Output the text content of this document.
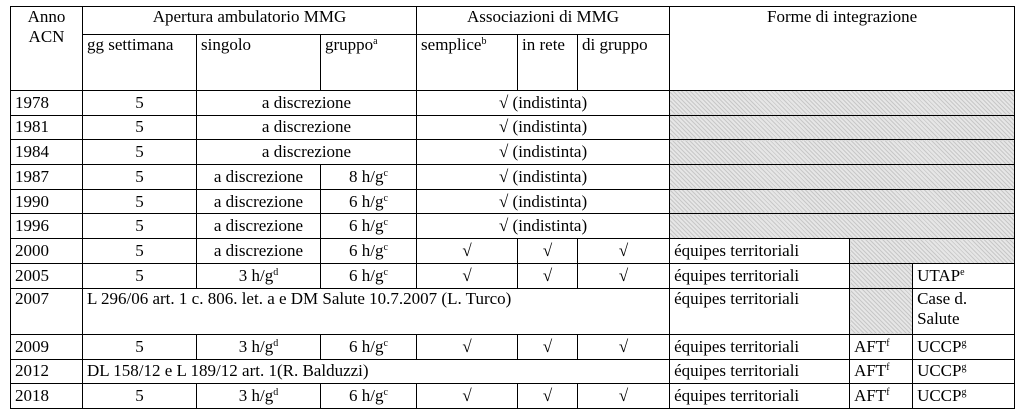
Anno ACN	Apertura ambulatorio MMG			Associazioni di MMG			Forme di integrazione		
	gg settimana	singolo	gruppo$^a$	semplice$^b$	in rete	di gruppo			
1978	5	a discrezione		√ (indistinta)					
1981	5	a discrezione		√ (indistinta)					
1984	5	a discrezione		√ (indistinta)					
1987	5	a discrezione	8 $h/g^c$	√ (indistinta)					
1990	5	a discrezione	6 $h/g^c$	√ (indistinta)					
1996	5	a discrezione	6 $h/g^c$	√ (indistinta)					
2000	5	a discrezione	6 $h/g^c$	√	√	√	équipes territoriali		
2005	5	3 $h/g^d$	6 $h/g^c$	√	√	√	équipes territoriali		UTAP$^e$
2007	L 296/06 art. 1 c. 806. let. a e DM Salute 10.7.2007 (L. Turco)						équipes territoriali		Case d. Salute
2009	5	3 $h/g^d$	6 $h/g^c$	√	√	√	équipes territoriali	AFT$^f$	UCCP$^g$
2012	DL 158/12 e L 189/12 art. 1(R. Balduzzi)						équipes territoriali	AFT$^f$	UCCP$^g$
2018	5	3 $h/g^d$	6 $h/g^c$	√	√	√	équipes territoriali	AFT$^f$	UCCP$^g$
